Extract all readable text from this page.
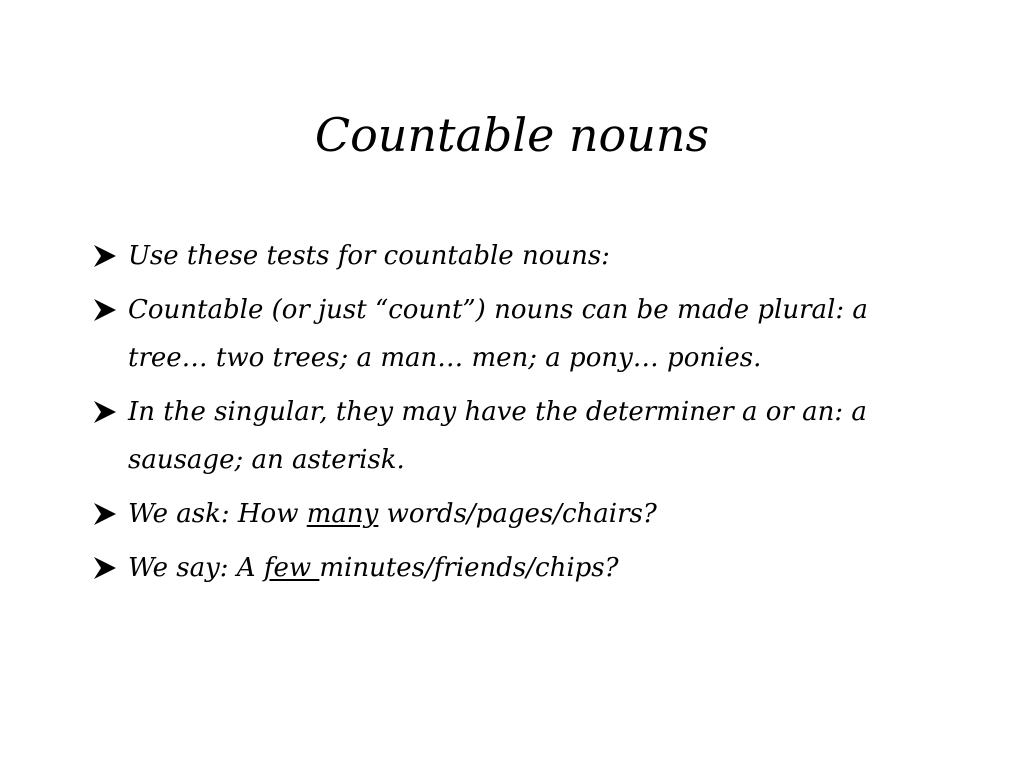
Countable nouns
Use these tests for countable nouns:
Countable (or just “count”) nouns can be made plural: a tree… two trees; a man… men; a pony… ponies.
In the singular, they may have the determiner a or an: a sausage; an asterisk.
We ask: How many words/pages/chairs?
We say: A few minutes/friends/chips?
